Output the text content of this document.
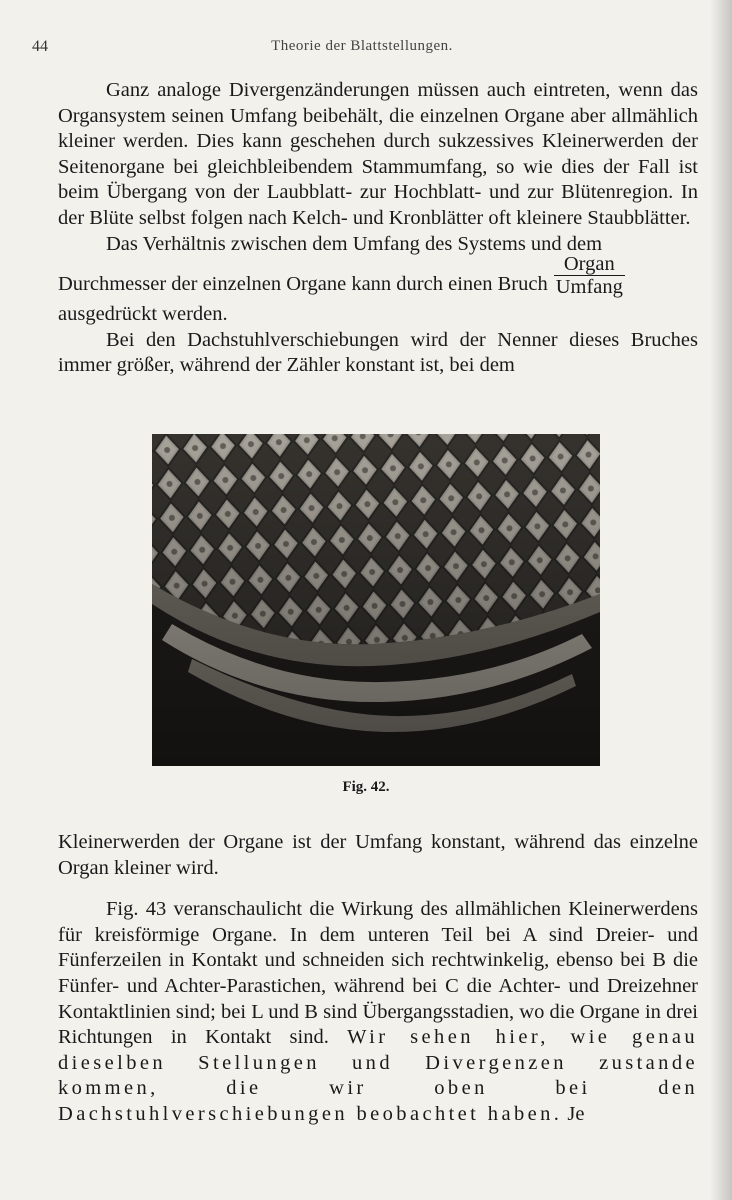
44	Theorie der Blattstellungen.

Ganz analoge Divergenzänderungen müssen auch eintreten, wenn das Organsystem seinen Umfang beibehält, die einzelnen Organe aber allmählich kleiner werden. Dies kann geschehen durch sukzessives Kleinerwerden der Seitenorgane bei gleichbleibendem Stammumfang, so wie dies der Fall ist beim Übergang von der Laubblatt- zur Hochblatt- und zur Blütenregion. In der Blüte selbst folgen nach Kelch- und Kronblätter oft kleinere Staubblätter.

Das Verhältnis zwischen dem Umfang des Systems und dem

Durchmesser der einzelnen Organe kann durch einen Bruch $\frac{\text{Organ}}{\text{Umfang}}$

ausgedrückt werden.

Bei den Dachstuhlverschiebungen wird der Nenner dieses Bruches immer größer, während der Zähler konstant ist, bei dem

Fig. 42.

Kleinerwerden der Organe ist der Umfang konstant, während das einzelne Organ kleiner wird.

Fig. 43 veranschaulicht die Wirkung des allmählichen Kleinerwerdens für kreisförmige Organe. In dem unteren Teil bei A sind Dreier- und Fünferzeilen in Kontakt und schneiden sich rechtwinkelig, ebenso bei B die Fünfer- und Achter-Parastichen, während bei C die Achter- und Dreizehner Kontaktlinien sind; bei L und B sind Übergangsstadien, wo die Organe in drei Richtungen in Kontakt sind. Wir sehen hier, wie genau dieselben Stellungen und Divergenzen zustande kommen, die wir oben bei den Dachstuhlverschiebungen beobachtet haben. Je
